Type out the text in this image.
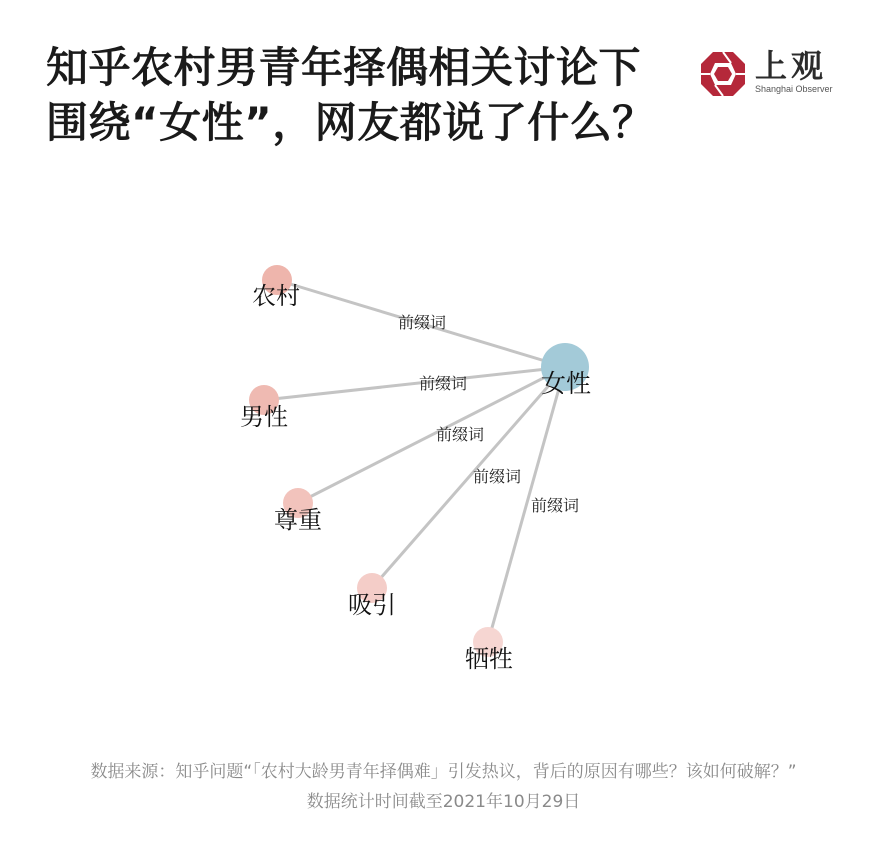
知乎农村男青年择偶相关讨论下
围绕“女性”，网友都说了什么？
上观
Shanghai Observer
前缀词
前缀词
前缀词
前缀词
前缀词
农村
男性
尊重
吸引
牺牲
女性
数据来源：知乎问题“「农村大龄男青年择偶难」引发热议，背后的原因有哪些？该如何破解？”
数据统计时间截至2021年10月29日
